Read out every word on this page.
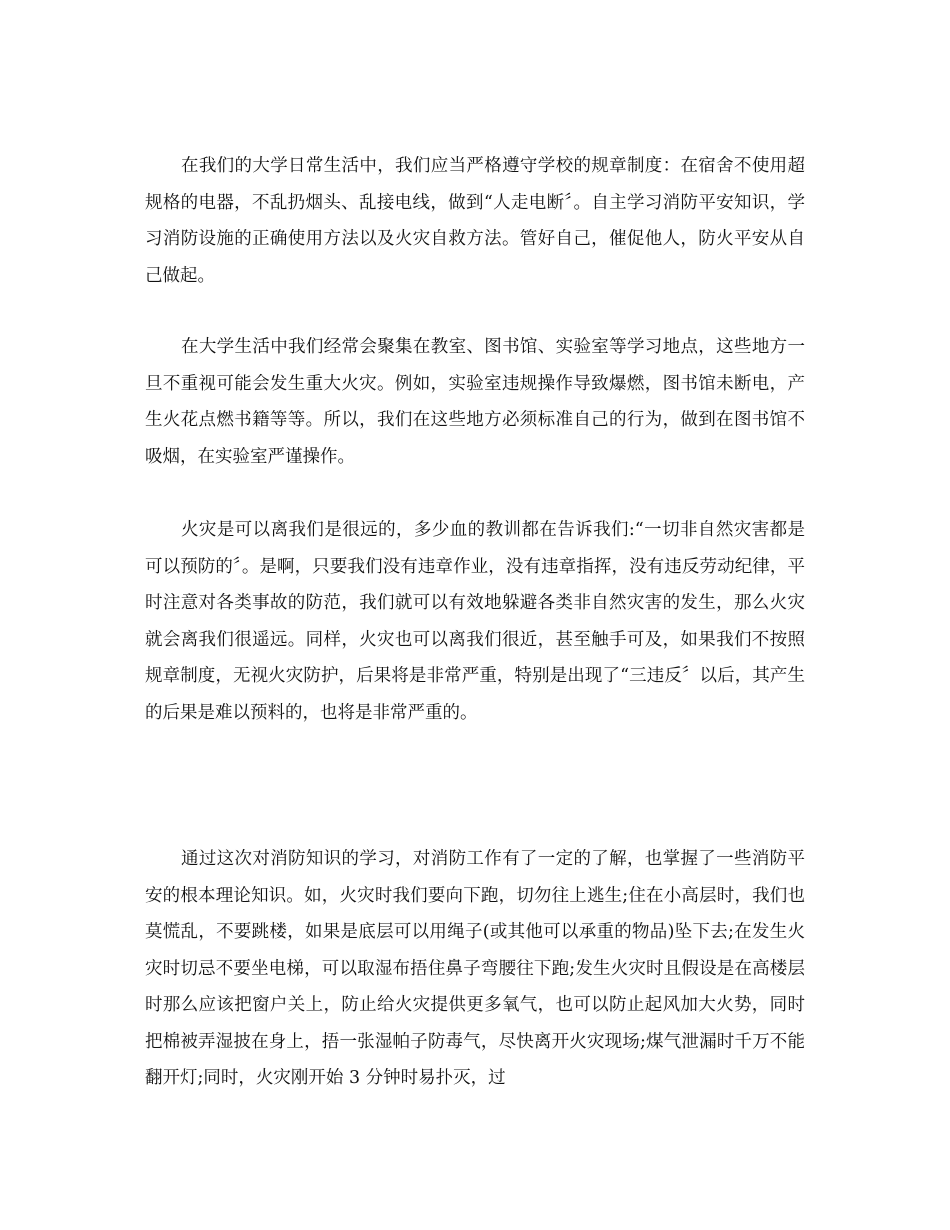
在我们的大学日常生活中，我们应当严格遵守学校的规章制度：在宿舍不使用超规格的电器，不乱扔烟头、乱接电线，做到“人走电断〞。自主学习消防平安知识，学习消防设施的正确使用方法以及火灾自救方法。管好自己，催促他人，防火平安从自己做起。

在大学生活中我们经常会聚集在教室、图书馆、实验室等学习地点，这些地方一旦不重视可能会发生重大火灾。例如，实验室违规操作导致爆燃，图书馆未断电，产生火花点燃书籍等等。所以，我们在这些地方必须标准自己的行为，做到在图书馆不吸烟，在实验室严谨操作。

火灾是可以离我们是很远的，多少血的教训都在告诉我们:“一切非自然灾害都是可以预防的〞。是啊，只要我们没有违章作业，没有违章指挥，没有违反劳动纪律，平时注意对各类事故的防范，我们就可以有效地躲避各类非自然灾害的发生，那么火灾就会离我们很遥远。同样，火灾也可以离我们很近，甚至触手可及，如果我们不按照规章制度，无视火灾防护，后果将是非常严重，特别是出现了“三违反〞以后，其产生的后果是难以预料的，也将是非常严重的。

通过这次对消防知识的学习，对消防工作有了一定的了解，也掌握了一些消防平安的根本理论知识。如，火灾时我们要向下跑，切勿往上逃生;住在小高层时，我们也莫慌乱，不要跳楼，如果是底层可以用绳子(或其他可以承重的物品)坠下去;在发生火灾时切忌不要坐电梯，可以取湿布捂住鼻子弯腰往下跑;发生火灾时且假设是在高楼层时那么应该把窗户关上，防止给火灾提供更多氧气，也可以防止起风加大火势，同时把棉被弄湿披在身上，捂一张湿帕子防毒气，尽快离开火灾现场;煤气泄漏时千万不能翻开灯;同时，火灾刚开始 3 分钟时易扑灭，过
